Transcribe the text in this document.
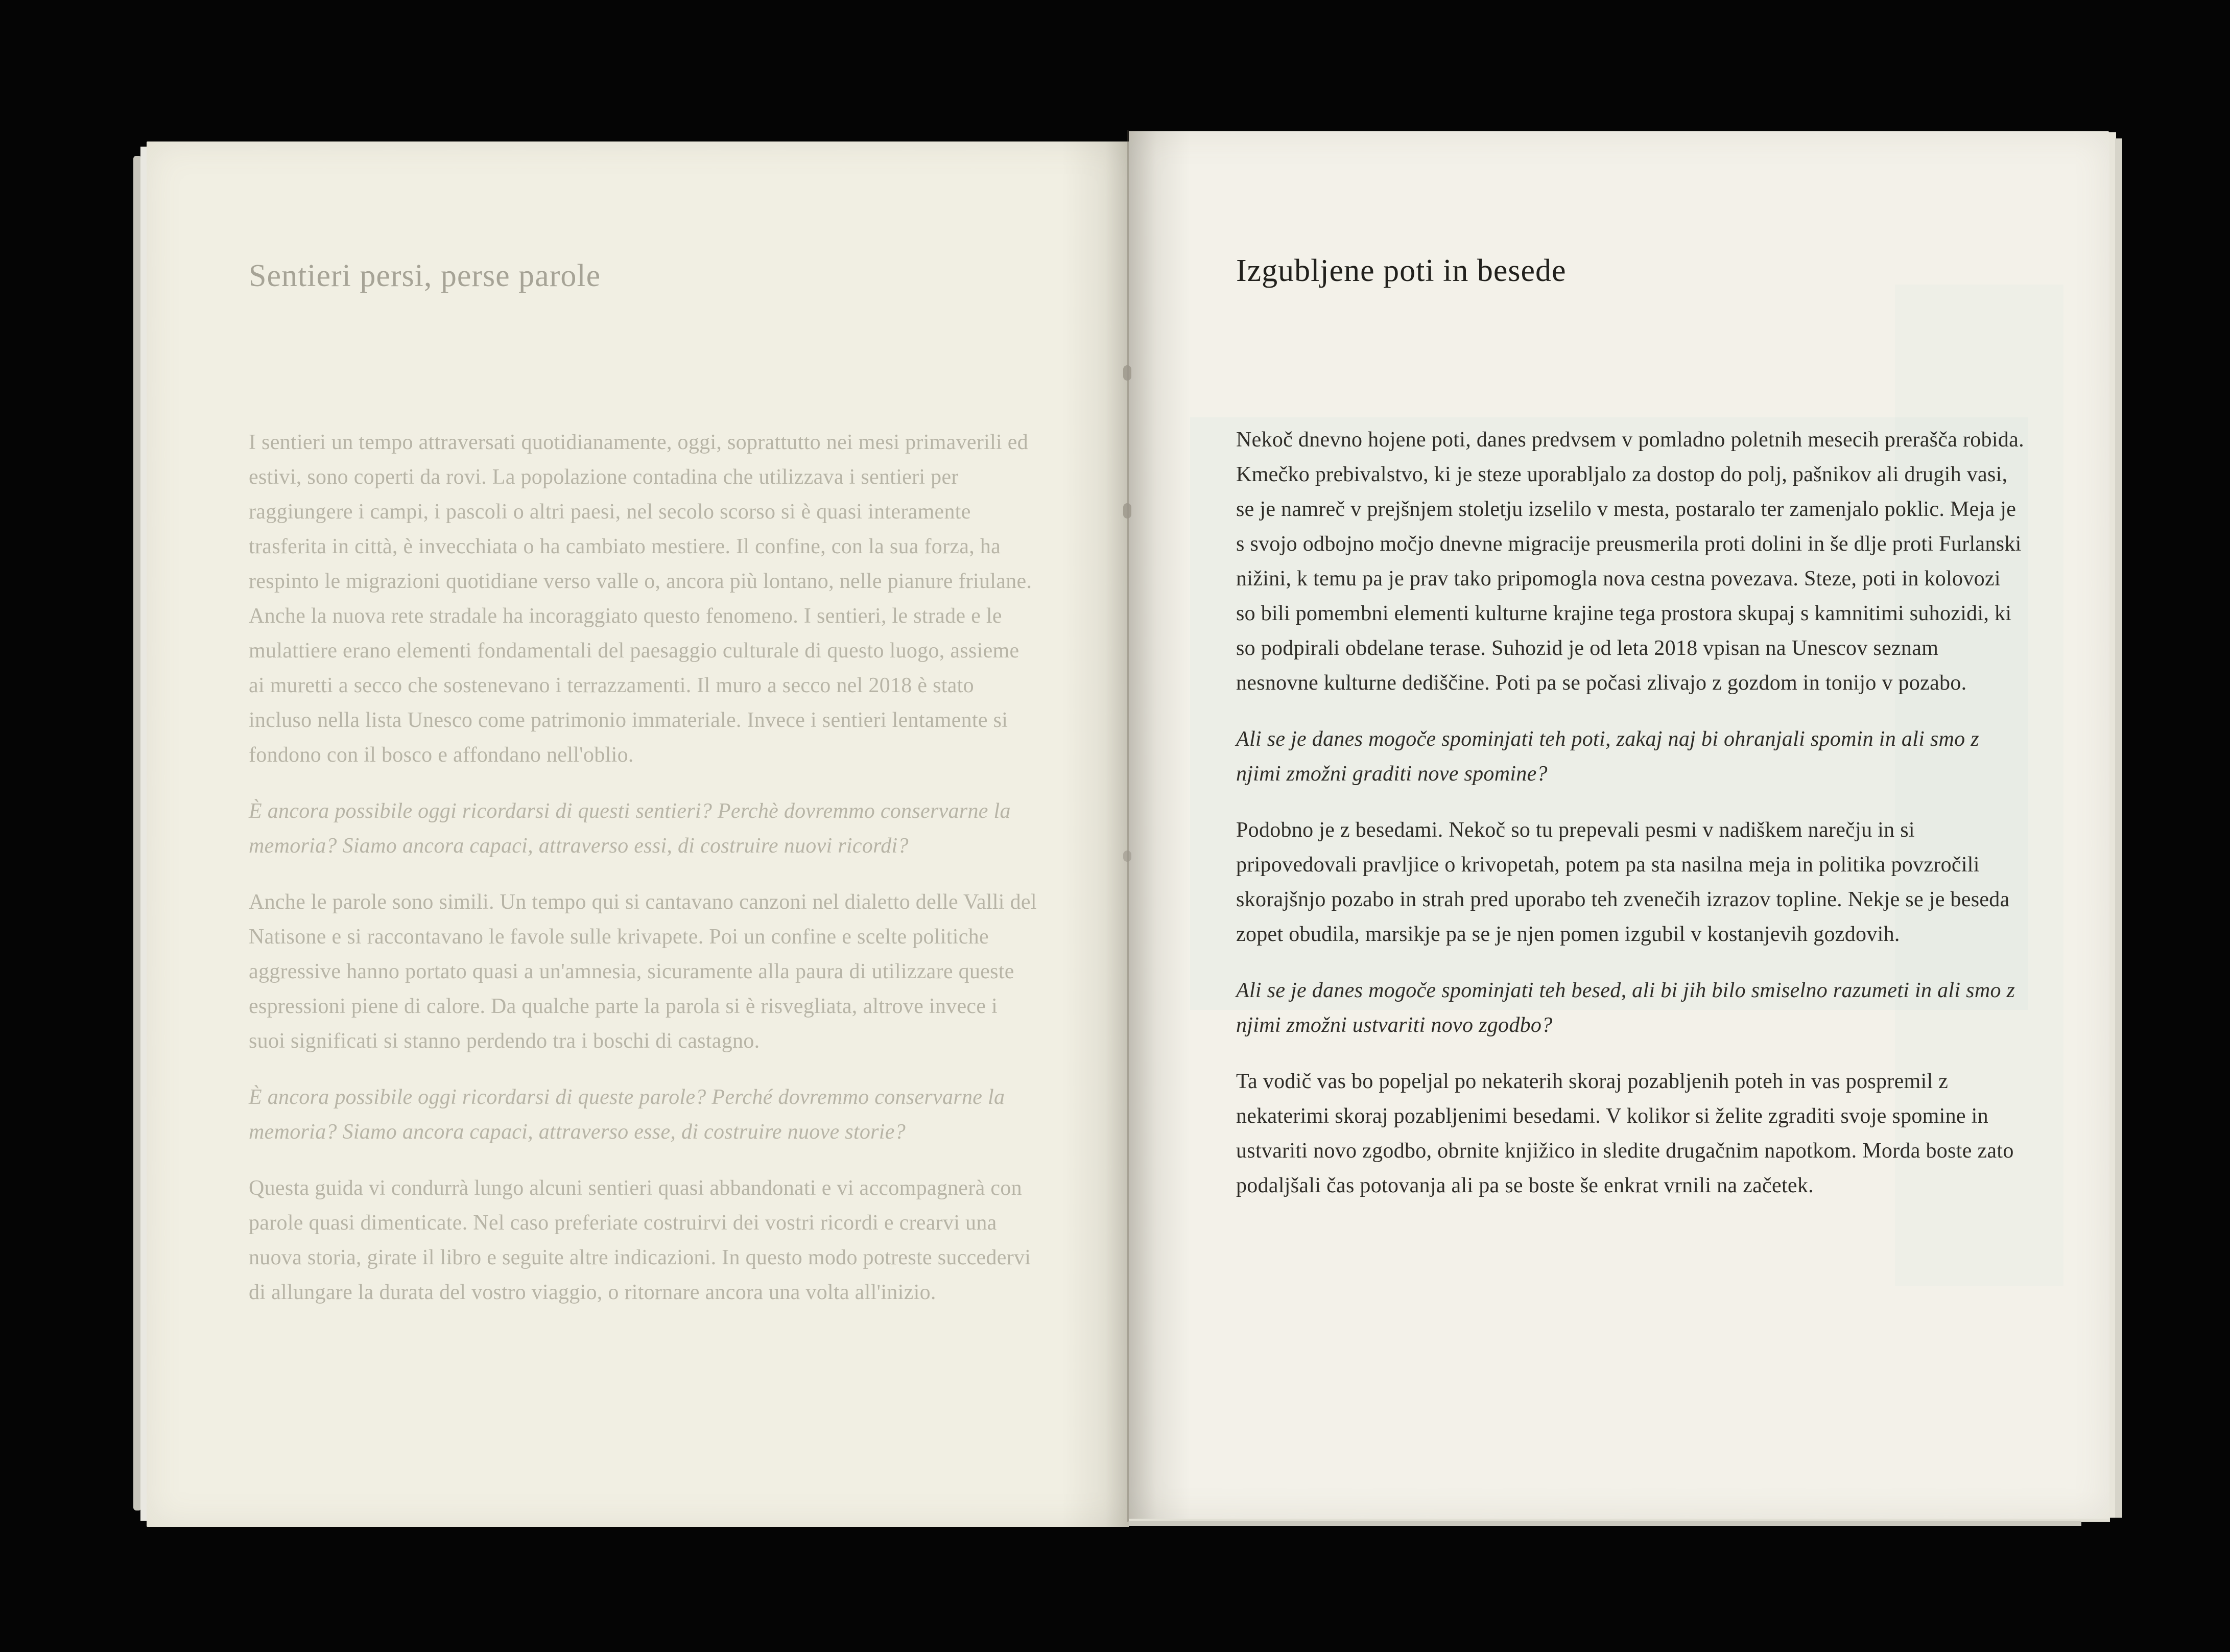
Sentieri persi, perse parole

I sentieri un tempo attraversati quotidianamente, oggi, soprattutto nei mesi primaverili ed estivi, sono coperti da rovi. La popolazione contadina che utilizzava i sentieri per raggiungere i campi, i pascoli o altri paesi, nel secolo scorso si è quasi interamente trasferita in città, è invecchiata o ha cambiato mestiere. Il confine, con la sua forza, ha respinto le migrazioni quotidiane verso valle o, ancora più lontano, nelle pianure friulane. Anche la nuova rete stradale ha incoraggiato questo fenomeno. I sentieri, le strade e le mulattiere erano elementi fondamentali del paesaggio culturale di questo luogo, assieme ai muretti a secco che sostenevano i terrazzamenti. Il muro a secco nel 2018 è stato incluso nella lista Unesco come patrimonio immateriale. Invece i sentieri lentamente si fondono con il bosco e affondano nell'oblio.

È ancora possibile oggi ricordarsi di questi sentieri? Perchè dovremmo conservarne la memoria? Siamo ancora capaci, attraverso essi, di costruire nuovi ricordi?

Anche le parole sono simili. Un tempo qui si cantavano canzoni nel dialetto delle Valli del Natisone e si raccontavano le favole sulle krivapete. Poi un confine e scelte politiche aggressive hanno portato quasi a un'amnesia, sicuramente alla paura di utilizzare queste espressioni piene di calore. Da qualche parte la parola si è risvegliata, altrove invece i suoi significati si stanno perdendo tra i boschi di castagno.

È ancora possibile oggi ricordarsi di queste parole? Perché dovremmo conservarne la memoria? Siamo ancora capaci, attraverso esse, di costruire nuove storie?

Questa guida vi condurrà lungo alcuni sentieri quasi abbandonati e vi accompagnerà con parole quasi dimenticate. Nel caso preferiate costruirvi dei vostri ricordi e crearvi una nuova storia, girate il libro e seguite altre indicazioni. In questo modo potreste succedervi di allungare la durata del vostro viaggio, o ritornare ancora una volta all'inizio.

Izgubljene poti in besede

Nekoč dnevno hojene poti, danes predvsem v pomladno poletnih mesecih prerašča robida. Kmečko prebivalstvo, ki je steze uporabljalo za dostop do polj, pašnikov ali drugih vasi, se je namreč v prejšnjem stoletju izselilo v mesta, postaralo ter zamenjalo poklic. Meja je s svojo odbojno močjo dnevne migracije preusmerila proti dolini in še dlje proti Furlanski nižini, k temu pa je prav tako pripomogla nova cestna povezava. Steze, poti in kolovozi so bili pomembni elementi kulturne krajine tega prostora skupaj s kamnitimi suhozidi, ki so podpirali obdelane terase. Suhozid je od leta 2018 vpisan na Unescov seznam nesnovne kulturne dediščine. Poti pa se počasi zlivajo z gozdom in tonijo v pozabo.

Ali se je danes mogoče spominjati teh poti, zakaj naj bi ohranjali spomin in ali smo z njimi zmožni graditi nove spomine?

Podobno je z besedami. Nekoč so tu prepevali pesmi v nadiškem narečju in si pripovedovali pravljice o krivopetah, potem pa sta nasilna meja in politika povzročili skorajšnjo pozabo in strah pred uporabo teh zvenečih izrazov topline. Nekje se je beseda zopet obudila, marsikje pa se je njen pomen izgubil v kostanjevih gozdovih.

Ali se je danes mogoče spominjati teh besed, ali bi jih bilo smiselno razumeti in ali smo z njimi zmožni ustvariti novo zgodbo?

Ta vodič vas bo popeljal po nekaterih skoraj pozabljenih poteh in vas pospremil z nekaterimi skoraj pozabljenimi besedami. V kolikor si želite zgraditi svoje spomine in ustvariti novo zgodbo, obrnite knjižico in sledite drugačnim napotkom. Morda boste zato podaljšali čas potovanja ali pa se boste še enkrat vrnili na začetek.
